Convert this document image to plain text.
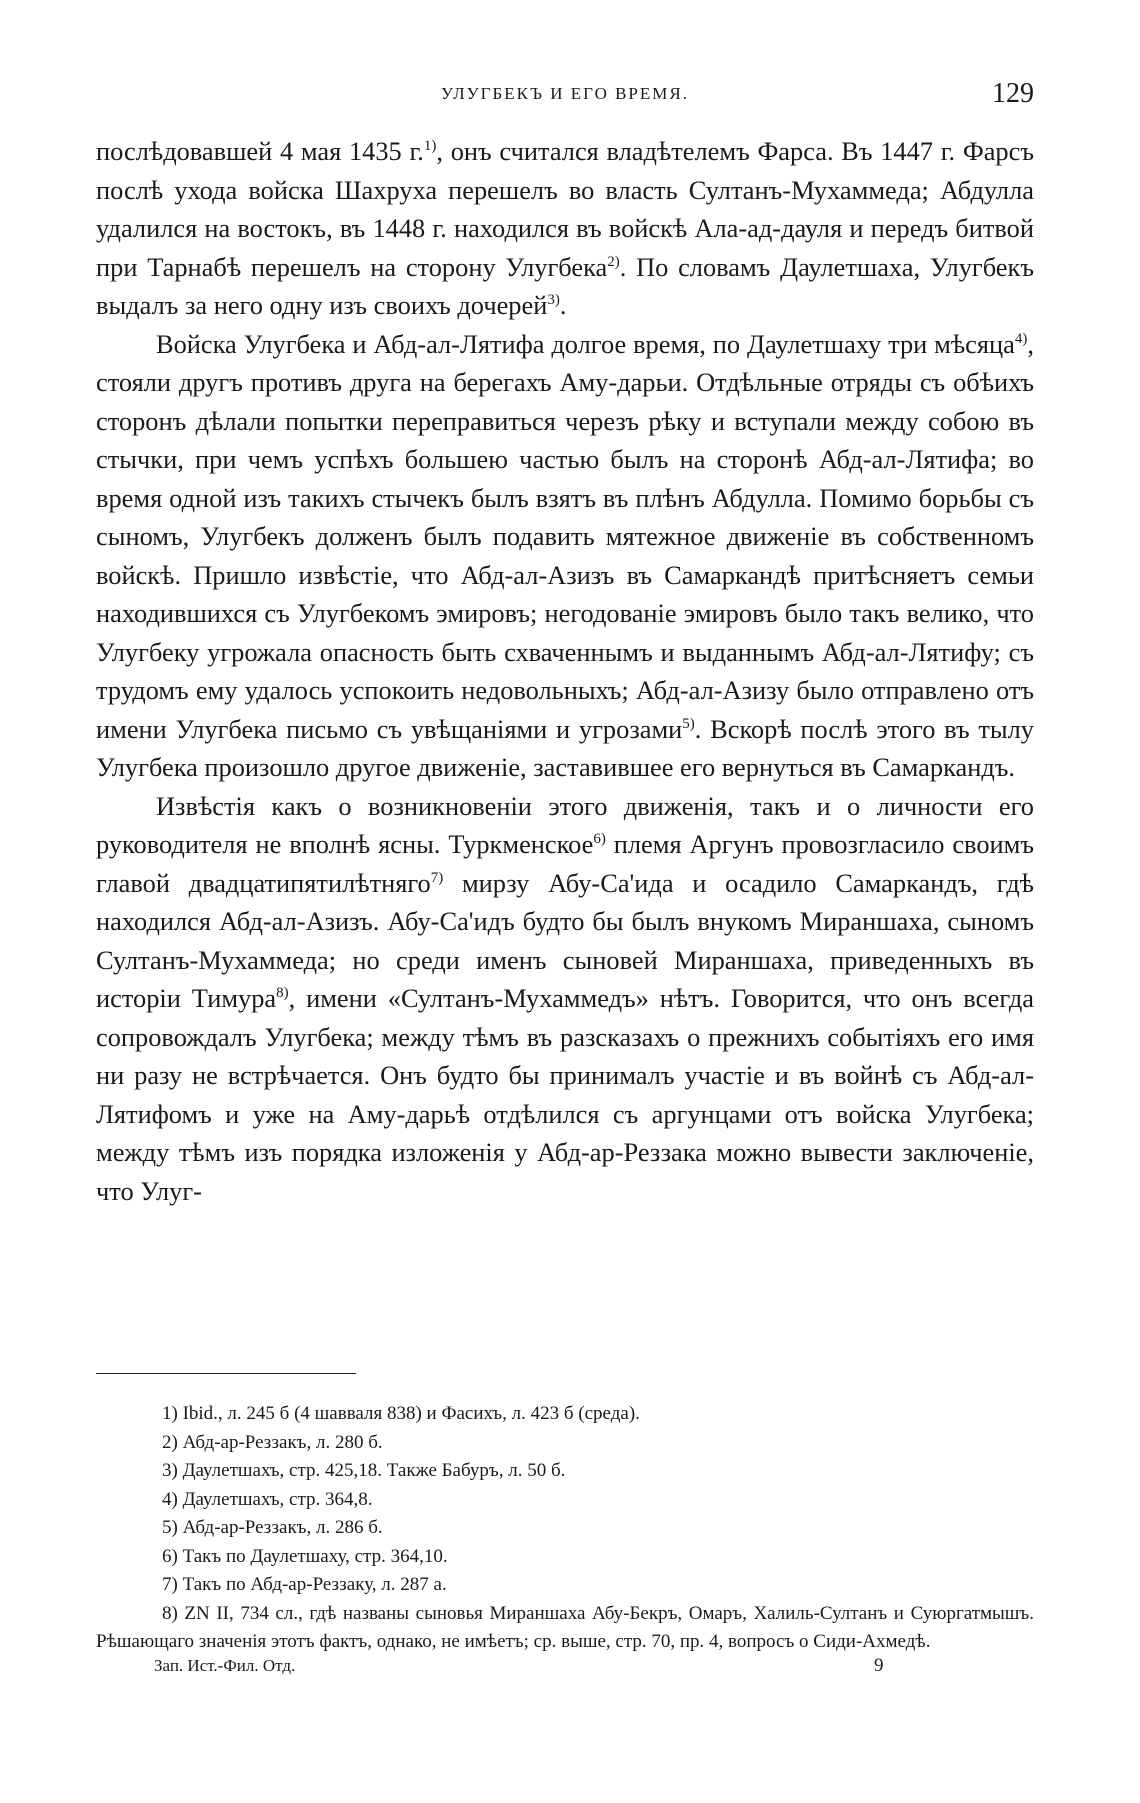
УЛУГБЕКЪ И ЕГО ВРЕМЯ.	129

послѣдовавшей 4 мая 1435 г.$^{1)}$, онъ считался владѣтелемъ Фарса. Въ 1447 г. Фарсъ послѣ ухода войска Шахруха перешелъ во власть Султанъ-Мухаммеда; Абдулла удалился на востокъ, въ 1448 г. находился въ войскѣ Ала-ад-дауля и передъ битвой при Тарнабѣ перешелъ на сторону Улугбека$^{2)}$. По словамъ Даулетшаха, Улугбекъ выдалъ за него одну изъ своихъ дочерей$^{3)}$.

Войска Улугбека и Абд-ал-Лятифа долгое время, по Даулетшаху три мѣсяца$^{4)}$, стояли другъ противъ друга на берегахъ Аму-дарьи. Отдѣльные отряды съ обѣихъ сторонъ дѣлали попытки переправиться черезъ рѣку и вступали между собою въ стычки, при чемъ успѣхъ большею частью былъ на сторонѣ Абд-ал-Лятифа; во время одной изъ такихъ стычекъ былъ взятъ въ плѣнъ Абдулла. Помимо борьбы съ сыномъ, Улугбекъ долженъ былъ подавить мятежное движеніе въ собственномъ войскѣ. Пришло извѣстіе, что Абд-ал-Азизъ въ Самаркандѣ притѣсняетъ семьи находившихся съ Улугбекомъ эмировъ; негодованіе эмировъ было такъ велико, что Улугбеку угрожала опасность быть схваченнымъ и выданнымъ Абд-ал-Лятифу; съ трудомъ ему удалось успокоить недовольныхъ; Абд-ал-Азизу было отправлено отъ имени Улугбека письмо съ увѣщаніями и угрозами$^{5)}$. Вскорѣ послѣ этого въ тылу Улугбека произошло другое движеніе, заставившее его вернуться въ Самаркандъ.

Извѣстія какъ о возникновеніи этого движенія, такъ и о личности его руководителя не вполнѣ ясны. Туркменское$^{6)}$ племя Аргунъ провозгласило своимъ главой двадцатипятилѣтняго$^{7)}$ мирзу Абу-Са'ида и осадило Самаркандъ, гдѣ находился Абд-ал-Азизъ. Абу-Са'идъ будто бы былъ внукомъ Мираншаха, сыномъ Султанъ-Мухаммеда; но среди именъ сыновей Мираншаха, приведенныхъ въ исторіи Тимура$^{8)}$, имени «Султанъ-Мухаммедъ» нѣтъ. Говорится, что онъ всегда сопровождалъ Улугбека; между тѣмъ въ разсказахъ о прежнихъ событіяхъ его имя ни разу не встрѣчается. Онъ будто бы принималъ участіе и въ войнѣ съ Абд-ал-Лятифомъ и уже на Аму-дарьѣ отдѣлился съ аргунцами отъ войска Улугбека; между тѣмъ изъ порядка изложенія у Абд-ар-Реззака можно вывести заключеніе, что Улуг-

1) Ibid., л. 245 б (4 шавваля 838) и Фасихъ, л. 423 б (среда).
2) Абд-ар-Реззакъ, л. 280 б.
3) Даулетшахъ, стр. 425,18. Также Бабуръ, л. 50 б.
4) Даулетшахъ, стр. 364,8.
5) Абд-ар-Реззакъ, л. 286 б.
6) Такъ по Даулетшаху, стр. 364,10.
7) Такъ по Абд-ар-Реззаку, л. 287 а.
8) ZN II, 734 сл., гдѣ названы сыновья Мираншаха Абу-Бекръ, Омаръ, Халиль-Султанъ и Суюргатмышъ. Рѣшающаго значенія этотъ фактъ, однако, не имѣетъ; ср. выше, стр. 70, пр. 4, вопросъ о Сиди-Ахмедѣ.
Зап. Ист.-Фил. Отд.	9
